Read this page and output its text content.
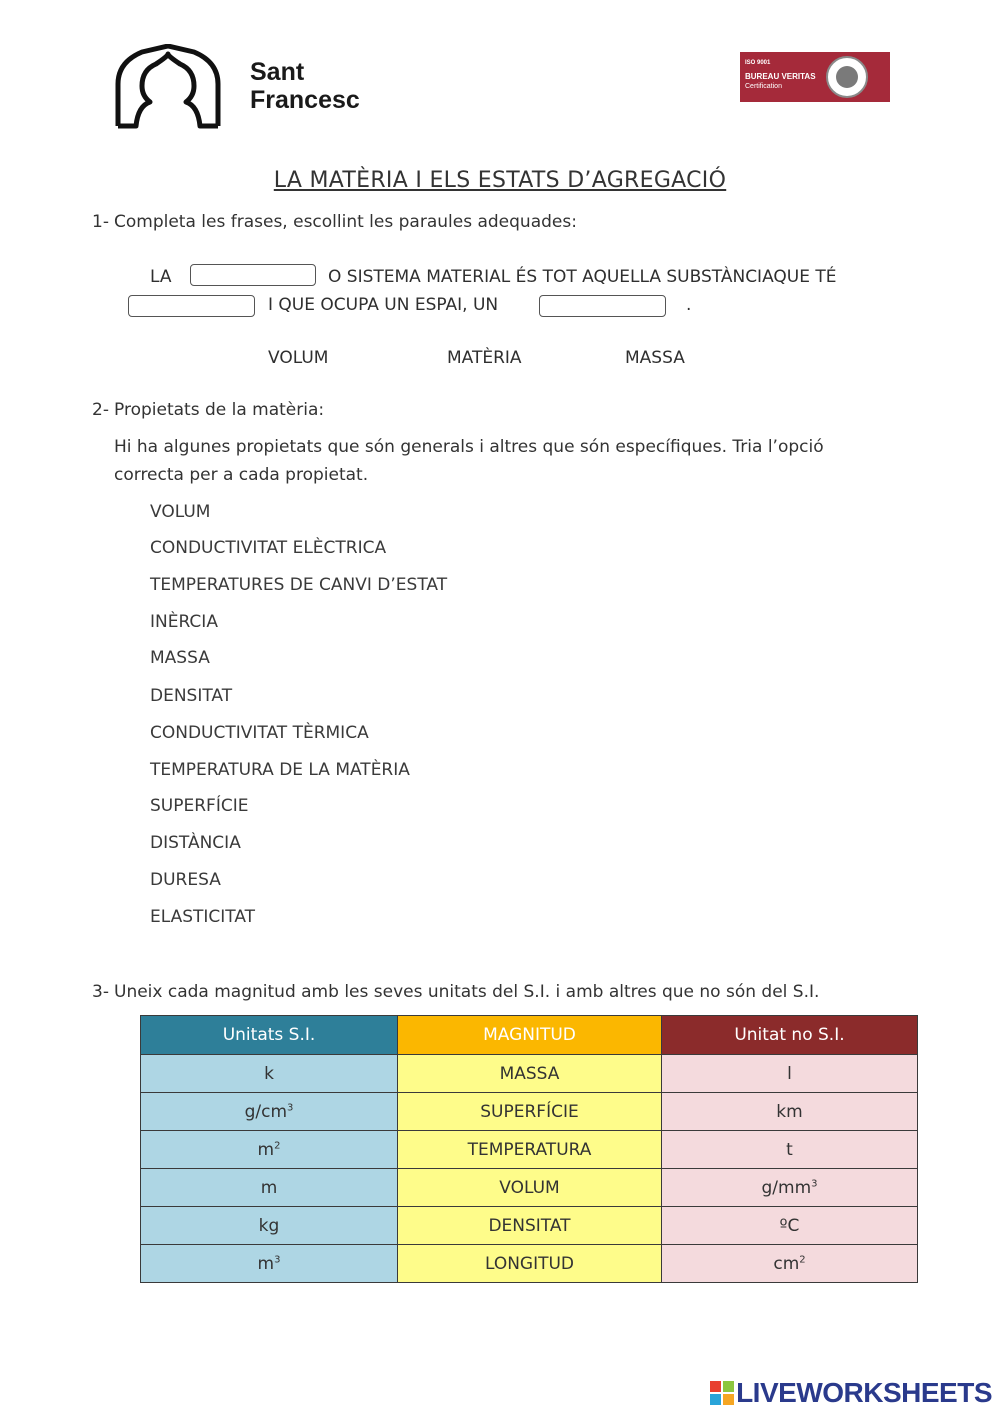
Sant
Francesc
ISO 9001
BUREAU VERITAS
Certification
LA MATÈRIA I ELS ESTATS D’AGREGACIÓ
1- Completa les frases, escollint les paraules adequades:
LA	O SISTEMA MATERIAL ÉS TOT AQUELLA SUBSTÀNCIAQUE TÉ
I QUE OCUPA UN ESPAI, UN	.
VOLUM	MATÈRIA	MASSA
2- Propietats de la matèria:
Hi ha algunes propietats que són generals i altres que són específiques. Tria l’opció
correcta per a cada propietat.
VOLUM
CONDUCTIVITAT ELÈCTRICA
TEMPERATURES DE CANVI D’ESTAT
INÈRCIA
MASSA
DENSITAT
CONDUCTIVITAT TÈRMICA
TEMPERATURA DE LA MATÈRIA
SUPERFÍCIE
DISTÀNCIA
DURESA
ELASTICITAT
3- Uneix cada magnitud amb les seves unitats del S.I. i amb altres que no són del S.I.
Unitats S.I.	MAGNITUD	Unitat no S.I.
k	MASSA	l
$g/cm^3$	SUPERFÍCIE	km
$m^2$	TEMPERATURA	t
m	VOLUM	$g/mm^3$
kg	DENSITAT	ºC
$m^3$	LONGITUD	$cm^2$
LIVEWORKSHEETS
